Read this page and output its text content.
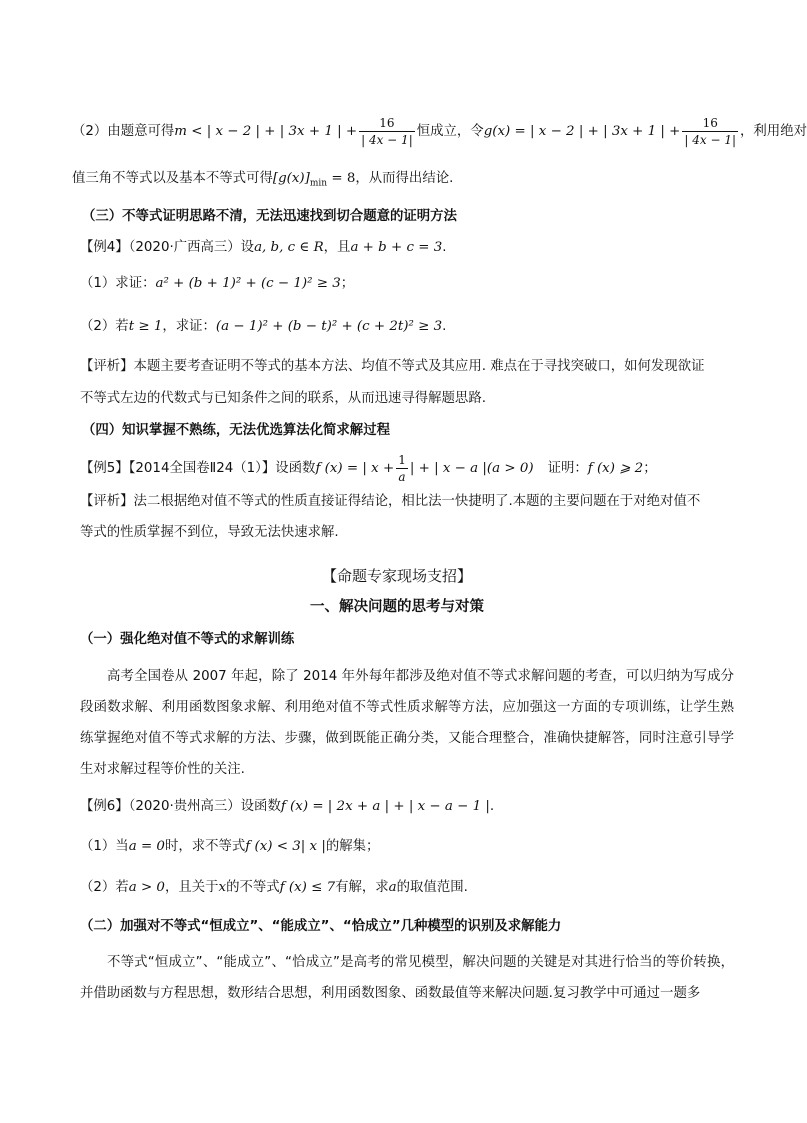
（2）由题意可得m < | x − 2 | + | 3x + 1 | + $\frac{16}{| 4x - 1|}$ 恒成立，令g(x) = | x − 2 | + | 3x + 1 | + $\frac{16}{| 4x - 1|}$ ，利用绝对
值三角不等式以及基本不等式可得$[g(x)]_{min} = 8$，从而得出结论.
（三）不等式证明思路不清，无法迅速找到切合题意的证明方法
【例4】（2020·广西高三）设a, b, c ∈ R，且a + b + c = 3.
（1）求证：a² + (b + 1)² + (c − 1)² ≥ 3；
（2）若t ≥ 1，求证：(a − 1)² + (b − t)² + (c + 2t)² ≥ 3.
【评析】本题主要考查证明不等式的基本方法、均值不等式及其应用. 难点在于寻找突破口，如何发现欲证
不等式左边的代数式与已知条件之间的联系，从而迅速寻得解题思路.
（四）知识掌握不熟练，无法优选算法化简求解过程
【例5】【2014全国卷Ⅱ24（1）】设函数f (x) = | $x + \frac{1}{a}$ | + | x − a |(a > 0) 证明：f (x) ⩾ 2；
【评析】法二根据绝对值不等式的性质直接证得结论，相比法一快捷明了.本题的主要问题在于对绝对值不
等式的性质掌握不到位，导致无法快速求解.
【命题专家现场支招】
一、解决问题的思考与对策
（一）强化绝对值不等式的求解训练
高考全国卷从 2007 年起，除了 2014 年外每年都涉及绝对值不等式求解问题的考查，可以归纳为写成分段函数求解、利用函数图象求解、利用绝对值不等式性质求解等方法，应加强这一方面的专项训练，让学生熟练掌握绝对值不等式求解的方法、步骤，做到既能正确分类，又能合理整合，准确快捷解答，同时注意引导学生对求解过程等价性的关注.
【例6】（2020·贵州高三）设函数f (x) = | 2x + a | + | x − a − 1 |.
（1）当a = 0时，求不等式f (x) < 3| x |的解集；
（2）若a > 0，且关于x的不等式f (x) ≤ 7有解，求a的取值范围.
（二）加强对不等式“恒成立”、“能成立”、“恰成立”几种模型的识别及求解能力
不等式“恒成立”、“能成立”、“恰成立”是高考的常见模型，解决问题的关键是对其进行恰当的等价转换，并借助函数与方程思想，数形结合思想，利用函数图象、函数最值等来解决问题.复习教学中可通过一题多
